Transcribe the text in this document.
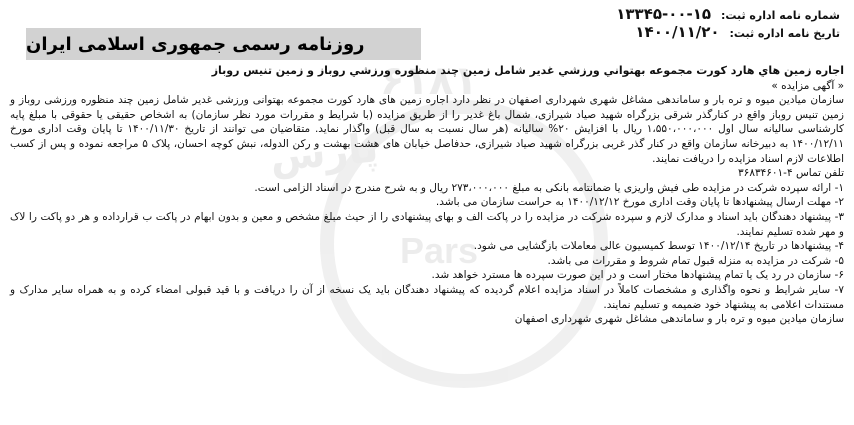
۶۱۸۱
پارس
Pars
شماره نامه اداره ثبت: ۱۳۳۴۵-۰۰-۱۵
تاریخ نامه اداره ثبت: ۱۴۰۰/۱۱/۲۰
روزنامه رسمی جمهوری اسلامی ایران

اجاره زمين هاي هارد كورت مجموعه بهتواني ورزشي غدير شامل زمين چند منظوره ورزشي روباز و زمين تنيس روباز

« آگهی مزایده »

سازمان میادین میوه و تره بار و ساماندهی مشاغل شهری شهرداری اصفهان در نظر دارد اجاره زمین های هارد کورت مجموعه بهتوانی ورزشی غدیر شامل زمین چند منظوره ورزشی روباز و زمین تنیس روباز واقع در کنارگذر شرقی بزرگراه شهید صیاد شیرازی، شمال باغ غدیر را از طریق مزایده (با شرایط و مقررات مورد نظر سازمان) به اشخاص حقیقی یا حقوقی با مبلغ پایه کارشناسی سالیانه سال اول ۱،۵۵۰،۰۰۰،۰۰۰ ریال با افزایش ۲۰% سالیانه (هر سال نسبت به سال قبل) واگذار نماید. متقاضیان می توانند از تاریخ ۱۴۰۰/۱۱/۳۰ تا پایان وقت اداری مورخ ۱۴۰۰/۱۲/۱۱ به دبیرخانه سازمان واقع در کنار گذر غربی بزرگراه شهید صیاد شیرازی، حدفاصل خیابان های هشت بهشت و رکن الدوله، نبش کوچه احسان، پلاک ۵ مراجعه نموده و پس از کسب اطلاعات لازم اسناد مزایده را دریافت نمایند.

تلفن تماس ۴-۳۶۸۳۴۶۰۱

۱- ارائه سپرده شرکت در مزایده طی فیش واریزی یا ضمانتامه بانکی به مبلغ ۲۷۳،۰۰۰،۰۰۰ ریال و به شرح مندرج در اسناد الزامی است.

۲- مهلت ارسال پیشنهادها تا پایان وقت اداری مورخ ۱۴۰۰/۱۲/۱۲ به حراست سازمان می باشد.

۳- پیشنهاد دهندگان باید اسناد و مدارک لازم و سپرده شرکت در مزایده را در پاکت الف و بهای پیشنهادی را از حیث مبلغ مشخص و معین و بدون ابهام در پاکت ب قرارداده و هر دو پاکت را لاک و مهر شده تسلیم نمایند.

۴- پیشنهادها در تاریخ ۱۴۰۰/۱۲/۱۴ توسط کمیسیون عالی معاملات بازگشایی می شود.

۵- شرکت در مزایده به منزله قبول تمام شروط و مقررات می باشد.

۶- سازمان در رد یک یا تمام پیشنهادها مختار است و در این صورت سپرده ها مسترد خواهد شد.

۷- سایر شرایط و نحوه واگذاری و مشخصات کاملاً در اسناد مزایده اعلام گردیده که پیشنهاد دهندگان باید یک نسخه از آن را دریافت و با قید قبولی امضاء کرده و به همراه سایر مدارک و مستندات اعلامی به پیشنهاد خود ضمیمه و تسلیم نمایند.

سازمان میادین میوه و تره بار و ساماندهی مشاغل شهری شهرداری اصفهان
